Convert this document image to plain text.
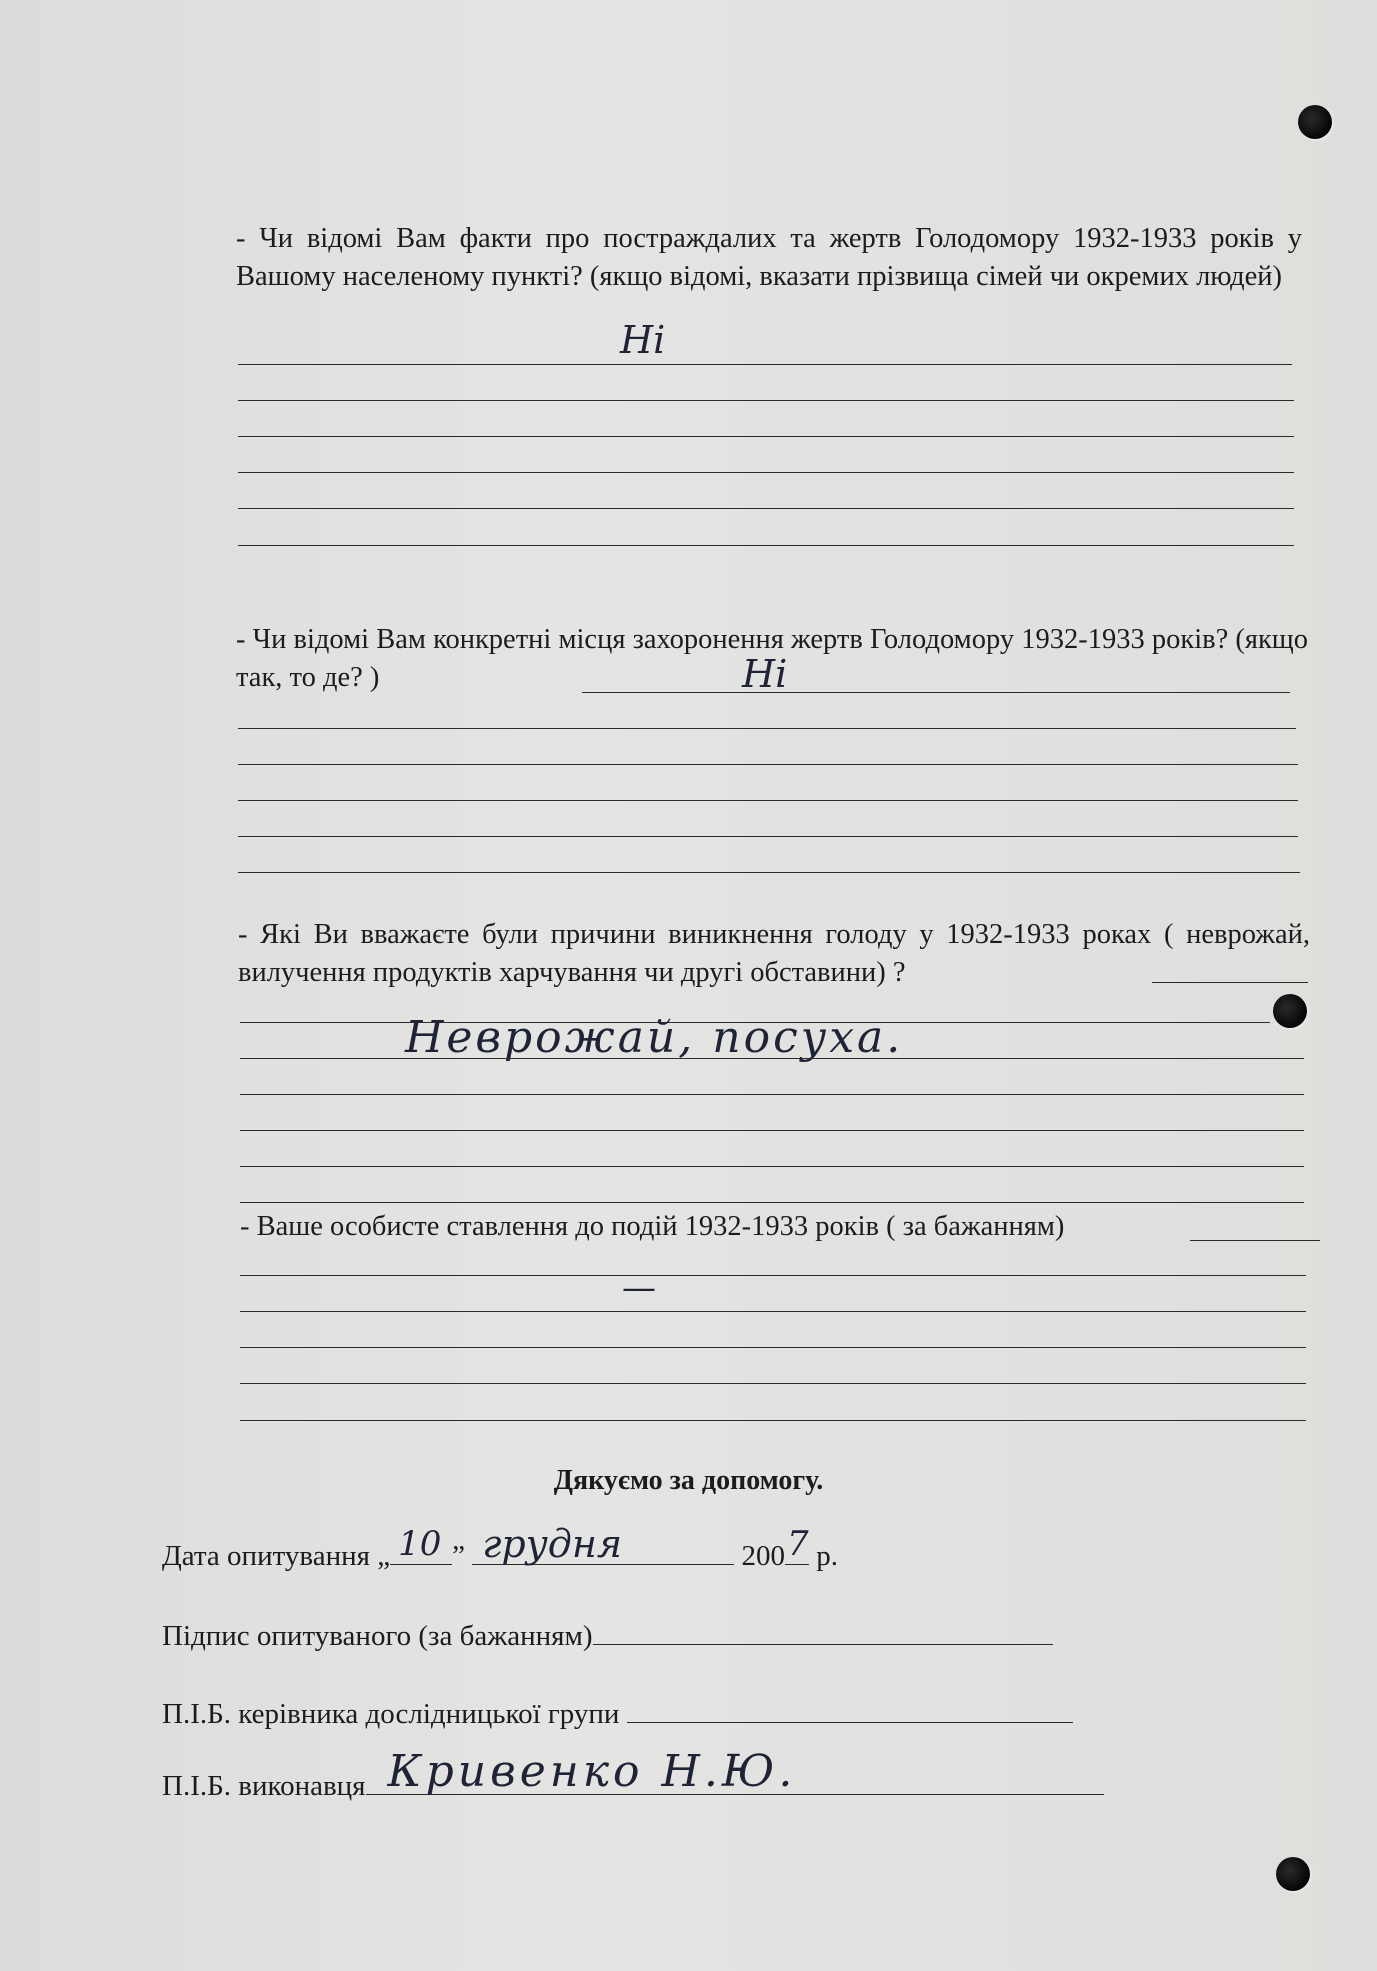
- Чи відомі Вам факти про постраждалих та жертв Голодомору 1932-1933 років у Вашому населеному пункті? (якщо відомі, вказати прізвища сімей чи окремих людей)
Ні
- Чи відомі Вам конкретні місця захоронення жертв Голодомору 1932-1933 років? (якщо так, то де? )	Ні
- Які Ви вважаєте були причини виникнення голоду у 1932-1933 роках ( неврожай, вилучення продуктів харчування чи другі обставини) ?
Неврожай, посуха.
- Ваше особисте ставлення до подій 1932-1933 років ( за бажанням)
—
Дякуємо за допомогу.
Дата опитування „ 10 ” грудня	200 7 р.
Підпис опитуваного (за бажанням)
П.І.Б. керівника дослідницької групи
П.І.Б. виконавця Кривенко Н.Ю.
